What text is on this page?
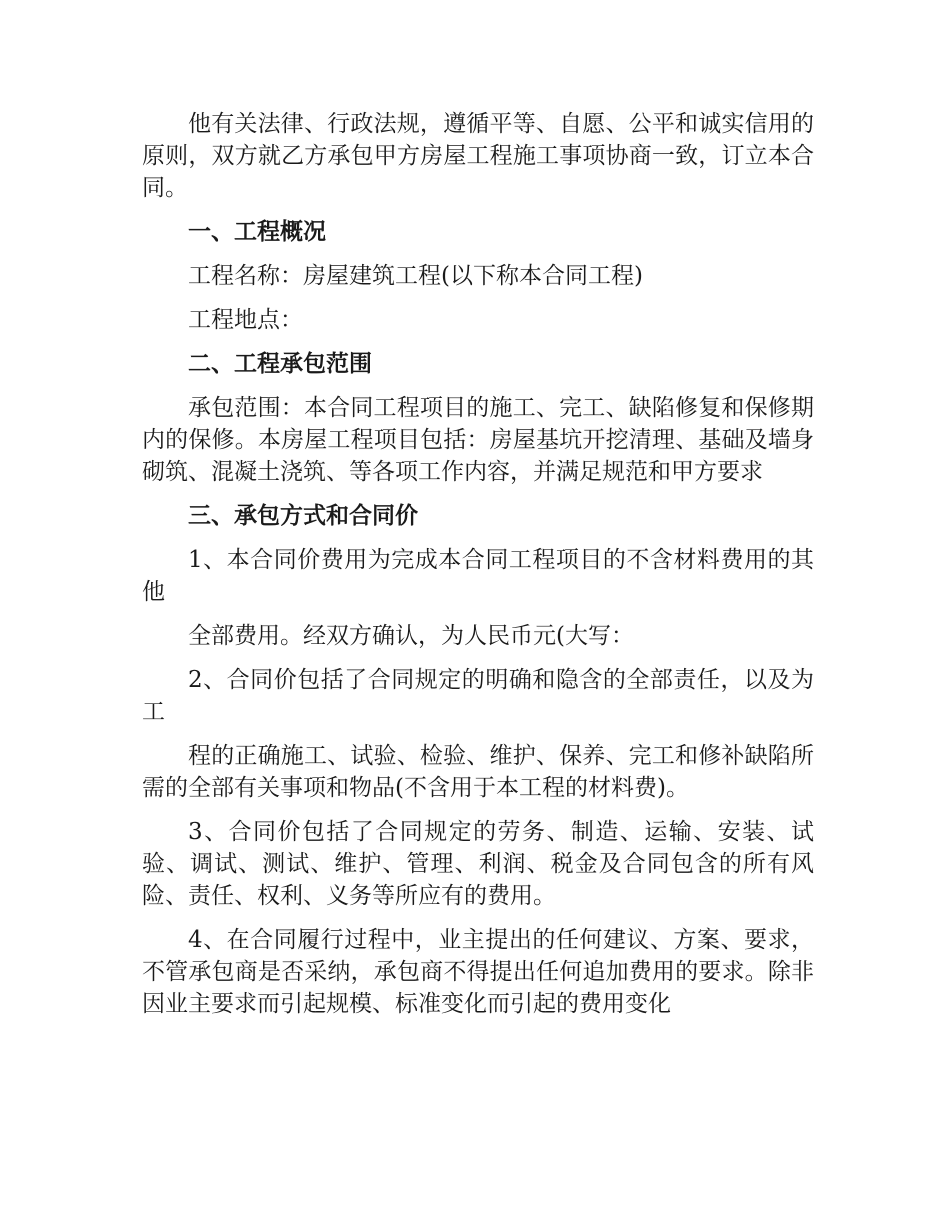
他有关法律、行政法规，遵循平等、自愿、公平和诚实信用的原则，双方就乙方承包甲方房屋工程施工事项协商一致，订立本合同。

一、工程概况

工程名称：房屋建筑工程(以下称本合同工程)

工程地点：

二、工程承包范围

承包范围：本合同工程项目的施工、完工、缺陷修复和保修期内的保修。本房屋工程项目包括：房屋基坑开挖清理、基础及墙身砌筑、混凝土浇筑、等各项工作内容，并满足规范和甲方要求

三、承包方式和合同价

1、本合同价费用为完成本合同工程项目的不含材料费用的其他

全部费用。经双方确认，为人民币元(大写：

2、合同价包括了合同规定的明确和隐含的全部责任，以及为工

程的正确施工、试验、检验、维护、保养、完工和修补缺陷所需的全部有关事项和物品(不含用于本工程的材料费)。

3、合同价包括了合同规定的劳务、制造、运输、安装、试验、调试、测试、维护、管理、利润、税金及合同包含的所有风险、责任、权利、义务等所应有的费用。

4、在合同履行过程中，业主提出的任何建议、方案、要求，不管承包商是否采纳，承包商不得提出任何追加费用的要求。除非因业主要求而引起规模、标准变化而引起的费用变化
